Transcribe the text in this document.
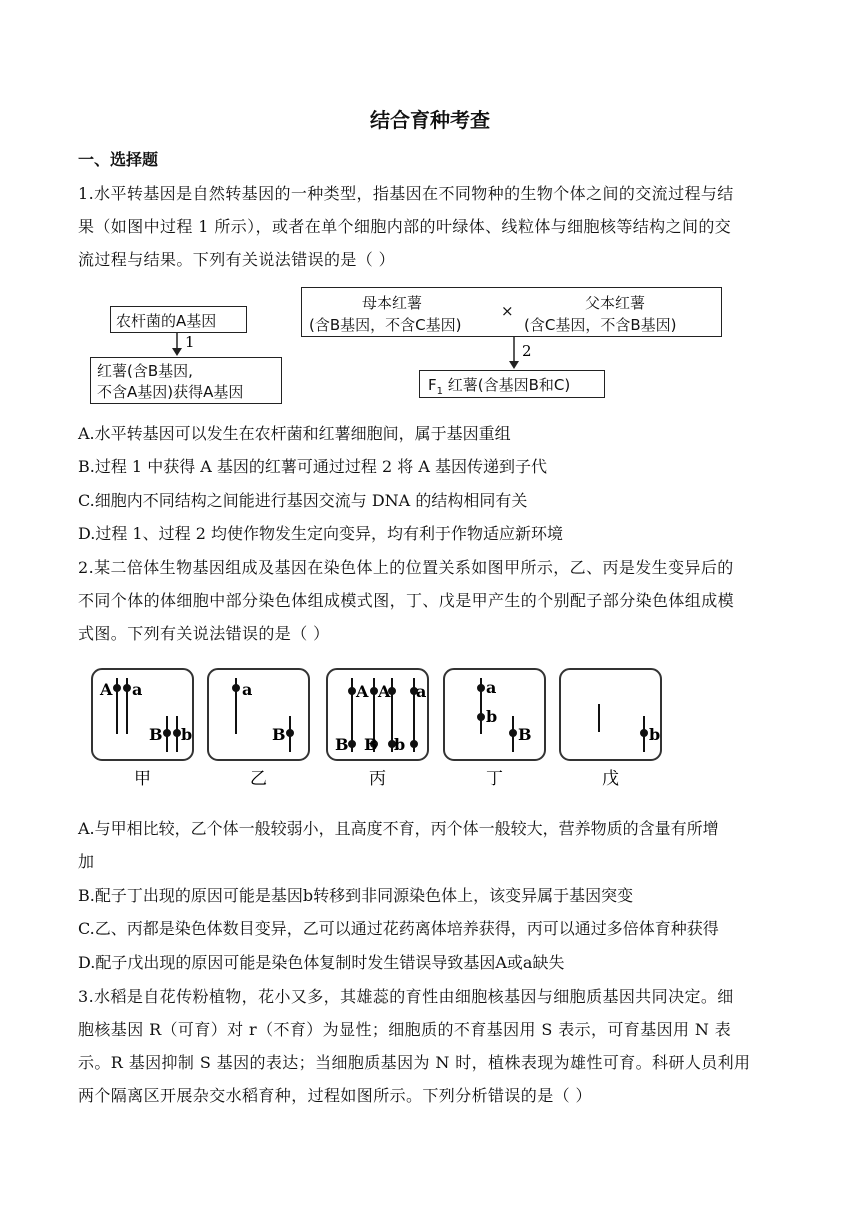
结合育种考查
一、选择题
1.水平转基因是自然转基因的一种类型，指基因在不同物种的生物个体之间的交流过程与结
果（如图中过程 1 所示），或者在单个细胞内部的叶绿体、线粒体与细胞核等结构之间的交
流过程与结果。下列有关说法错误的是（ ）
农杆菌的A基因
1
红薯(含B基因,
不含A基因)获得A基因
母本红薯
(含B基因，不含C基因)
×	父本红薯
(含C基因，不含B基因)
2
$F_1$ 红薯(含基因B和C)
A.水平转基因可以发生在农杆菌和红薯细胞间，属于基因重组
B.过程 1 中获得 A 基因的红薯可通过过程 2 将 A 基因传递到子代
C.细胞内不同结构之间能进行基因交流与 DNA 的结构相同有关
D.过程 1、过程 2 均使作物发生定向变异，均有利于作物适应新环境
2.某二倍体生物基因组成及基因在染色体上的位置关系如图甲所示，乙、丙是发生变异后的
不同个体的体细胞中部分染色体组成模式图，丁、戊是甲产生的个别配子部分染色体组成模
式图。下列有关说法错误的是（ ）
A a
B b
a
B
A A a
B B b
a
b
B	b
甲	乙	丙	丁	戊
A.与甲相比较，乙个体一般较弱小，且高度不育，丙个体一般较大，营养物质的含量有所增
加
B.配子丁出现的原因可能是基因b转移到非同源染色体上，该变异属于基因突变
C.乙、丙都是染色体数目变异，乙可以通过花药离体培养获得，丙可以通过多倍体育种获得
D.配子戊出现的原因可能是染色体复制时发生错误导致基因A或a缺失
3.水稻是自花传粉植物，花小又多，其雄蕊的育性由细胞核基因与细胞质基因共同决定。细
胞核基因 R（可育）对 r（不育）为显性；细胞质的不育基因用 S 表示，可育基因用 N 表
示。R 基因抑制 S 基因的表达；当细胞质基因为 N 时，植株表现为雄性可育。科研人员利用
两个隔离区开展杂交水稻育种，过程如图所示。下列分析错误的是（ ）
